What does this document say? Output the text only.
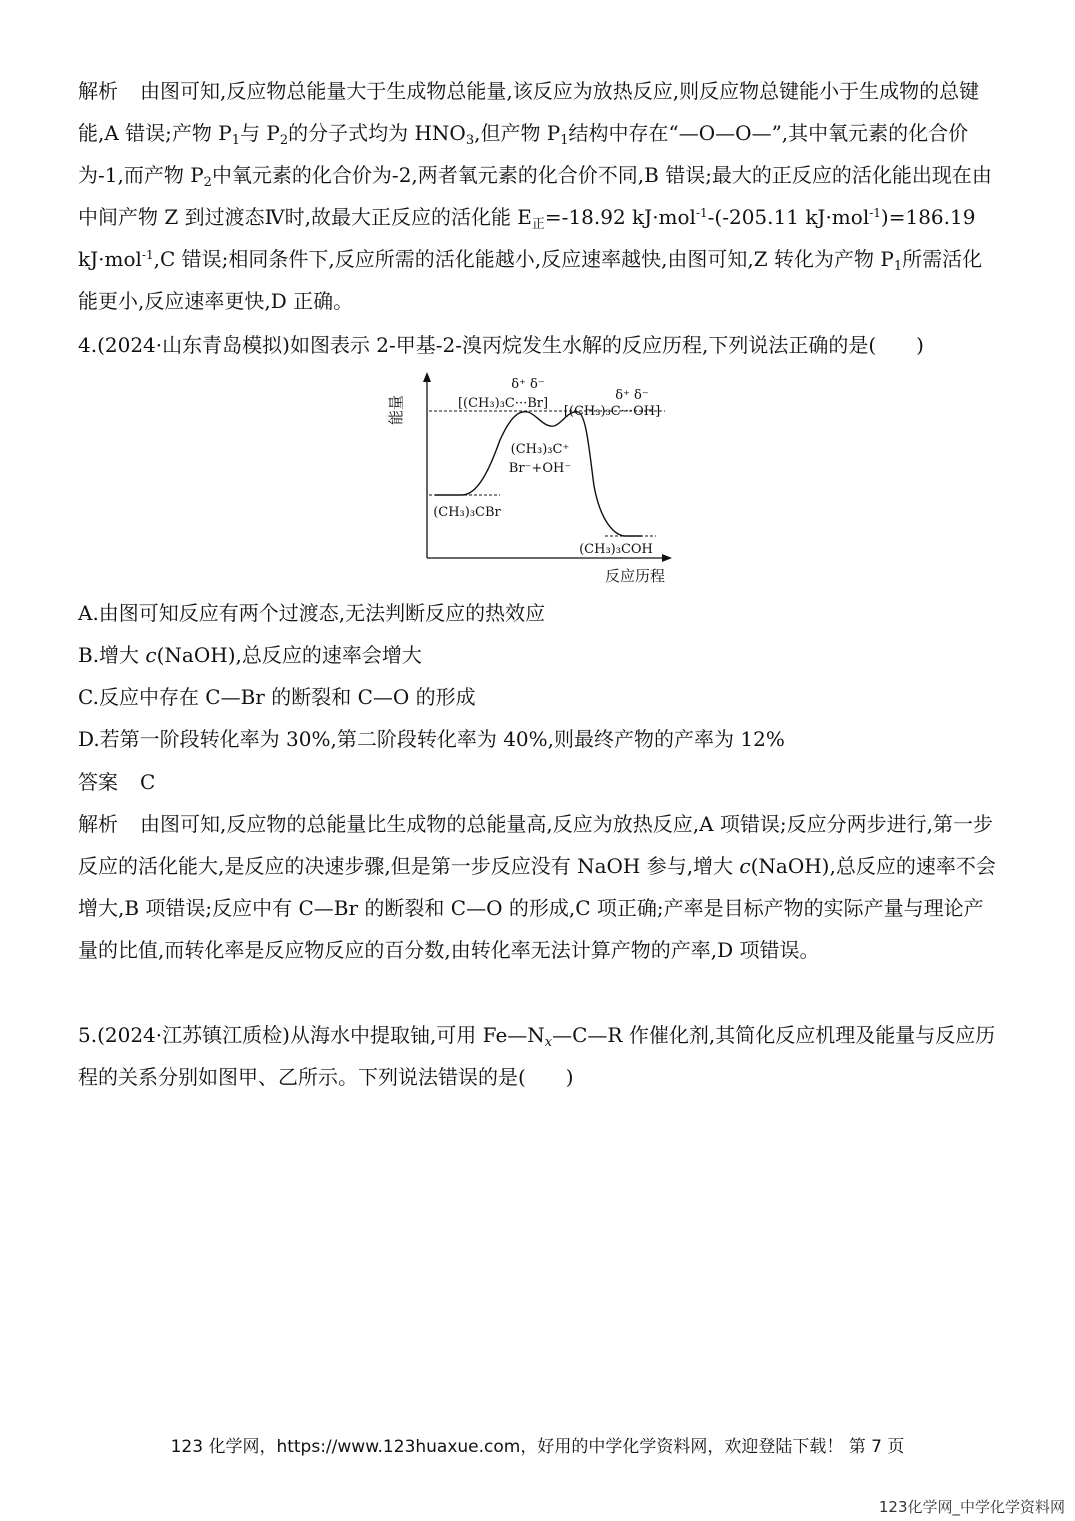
解析 由图可知,反应物总能量大于生成物总能量,该反应为放热反应,则反应物总键能小于生成物的总键能,A 错误;产物 $P_1$与 $P_2$的分子式均为 $HNO_3$,但产物 $P_1$结构中存在“—O—O—”,其中氧元素的化合价为-1,而产物 $P_2$中氧元素的化合价为-2,两者氧元素的化合价不同,B 错误;最大的正反应的活化能出现在由中间产物 Z 到过渡态Ⅳ时,故最大正反应的活化能 $E_正=-18.92$ kJ·mol$^{-1}$-(-205.11 kJ·mol$^{-1}$)=186.19 kJ·mol$^{-1}$,C 错误;相同条件下,反应所需的活化能越小,反应速率越快,由图可知,Z 转化为产物 $P_1$所需活化能更小,反应速率更快,D 正确。

4.(2024·山东青岛模拟)如图表示 2-甲基-2-溴丙烷发生水解的反应历程,下列说法正确的是(　　)

能量
反应历程
δ⁺ δ⁻
[(CH₃)₃C···Br]
δ⁺ δ⁻
[(CH₃)₃C···OH]
(CH₃)₃C⁺
Br⁻+OH⁻
(CH₃)₃CBr
(CH₃)₃COH

A.由图可知反应有两个过渡态,无法判断反应的热效应

B.增大 c(NaOH),总反应的速率会增大

C.反应中存在 C—Br 的断裂和 C—O 的形成

D.若第一阶段转化率为 30%,第二阶段转化率为 40%,则最终产物的产率为 12%

答案 C

解析 由图可知,反应物的总能量比生成物的总能量高,反应为放热反应,A 项错误;反应分两步进行,第一步反应的活化能大,是反应的决速步骤,但是第一步反应没有 NaOH 参与,增大 c(NaOH),总反应的速率不会增大,B 项错误;反应中有 C—Br 的断裂和 C—O 的形成,C 项正确;产率是目标产物的实际产量与理论产量的比值,而转化率是反应物反应的百分数,由转化率无法计算产物的产率,D 项错误。

5.(2024·江苏镇江质检)从海水中提取铀,可用 $Fe—N_x—C—R$ 作催化剂,其简化反应机理及能量与反应历程的关系分别如图甲、乙所示。下列说法错误的是(　　)

123 化学网，https://www.123huaxue.com，好用的中学化学资料网，欢迎登陆下载！ 第 7 页
123化学网_中学化学资料网
